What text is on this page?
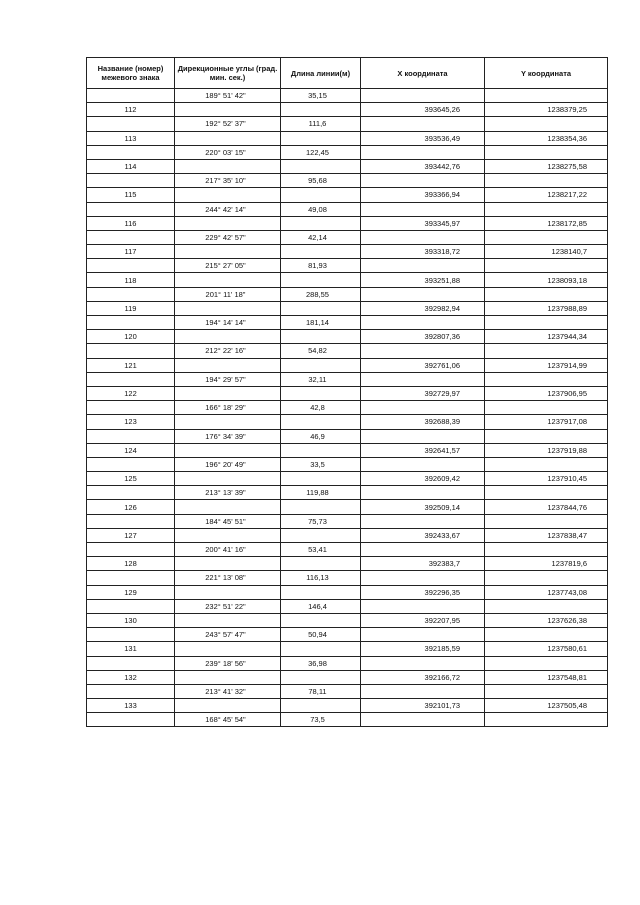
Название (номер) межевого знака	Дирекционные углы (град. мин. сек.)	Длина линии(м)	X координата	Y координата
	189° 51' 42"	35,15		
112			393645,26	1238379,25
	192° 52' 37"	111,6		
113			393536,49	1238354,36
	220° 03' 15"	122,45		
114			393442,76	1238275,58
	217° 35' 10"	95,68		
115			393366,94	1238217,22
	244° 42' 14"	49,08		
116			393345,97	1238172,85
	229° 42' 57"	42,14		
117			393318,72	1238140,7
	215° 27' 05"	81,93		
118			393251,88	1238093,18
	201° 11' 18"	288,55		
119			392982,94	1237988,89
	194° 14' 14"	181,14		
120			392807,36	1237944,34
	212° 22' 16"	54,82		
121			392761,06	1237914,99
	194° 29' 57"	32,11		
122			392729,97	1237906,95
	166° 18' 29"	42,8		
123			392688,39	1237917,08
	176° 34' 39"	46,9		
124			392641,57	1237919,88
	196° 20' 49"	33,5		
125			392609,42	1237910,45
	213° 13' 39"	119,88		
126			392509,14	1237844,76
	184° 45' 51"	75,73		
127			392433,67	1237838,47
	200° 41' 16"	53,41		
128			392383,7	1237819,6
	221° 13' 08"	116,13		
129			392296,35	1237743,08
	232° 51' 22"	146,4		
130			392207,95	1237626,38
	243° 57' 47"	50,94		
131			392185,59	1237580,61
	239° 18' 56"	36,98		
132			392166,72	1237548,81
	213° 41' 32"	78,11		
133			392101,73	1237505,48
	168° 45' 54"	73,5		
